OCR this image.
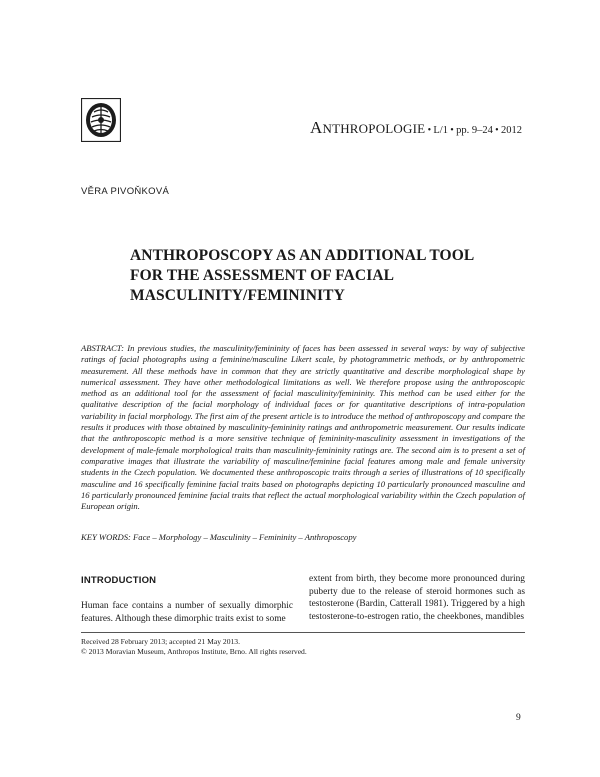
ANTHROPOLOGIE • L/1 • pp. 9–24 • 2012
VĚRA PIVOŇKOVÁ
ANTHROPOSCOPY AS AN ADDITIONAL TOOL
FOR THE ASSESSMENT OF FACIAL
MASCULINITY/FEMININITY
ABSTRACT: In previous studies, the masculinity/femininity of faces has been assessed in several ways: by way of subjective ratings of facial photographs using a feminine/masculine Likert scale, by photogrammetric methods, or by anthropometric measurement. All these methods have in common that they are strictly quantitative and describe morphological shape by numerical assessment. They have other methodological limitations as well. We therefore propose using the anthroposcopic method as an additional tool for the assessment of facial masculinity/femininity. This method can be used either for the qualitative description of the facial morphology of individual faces or for quantitative descriptions of intra-population variability in facial morphology. The first aim of the present article is to introduce the method of anthroposcopy and compare the results it produces with those obtained by masculinity-femininity ratings and anthropometric measurement. Our results indicate that the anthroposcopic method is a more sensitive technique of femininity-masculinity assessment in investigations of the development of male-female morphological traits than masculinity-femininity ratings are. The second aim is to present a set of comparative images that illustrate the variability of masculine/feminine facial features among male and female university students in the Czech population. We documented these anthroposcopic traits through a series of illustrations of 10 specifically masculine and 16 specifically feminine facial traits based on photographs depicting 10 particularly pronounced masculine and 16 particularly pronounced feminine facial traits that reflect the actual morphological variability within the Czech population of European origin.
KEY WORDS: Face – Morphology – Masculinity – Femininity – Anthroposcopy
INTRODUCTION
Human face contains a number of sexually dimorphic features. Although these dimorphic traits exist to some
extent from birth, they become more pronounced during puberty due to the release of steroid hormones such as testosterone (Bardin, Catterall 1981). Triggered by a high testosterone-to-estrogen ratio, the cheekbones, mandibles
Received 28 February 2013; accepted 21 May 2013.
© 2013 Moravian Museum, Anthropos Institute, Brno. All rights reserved.
9
